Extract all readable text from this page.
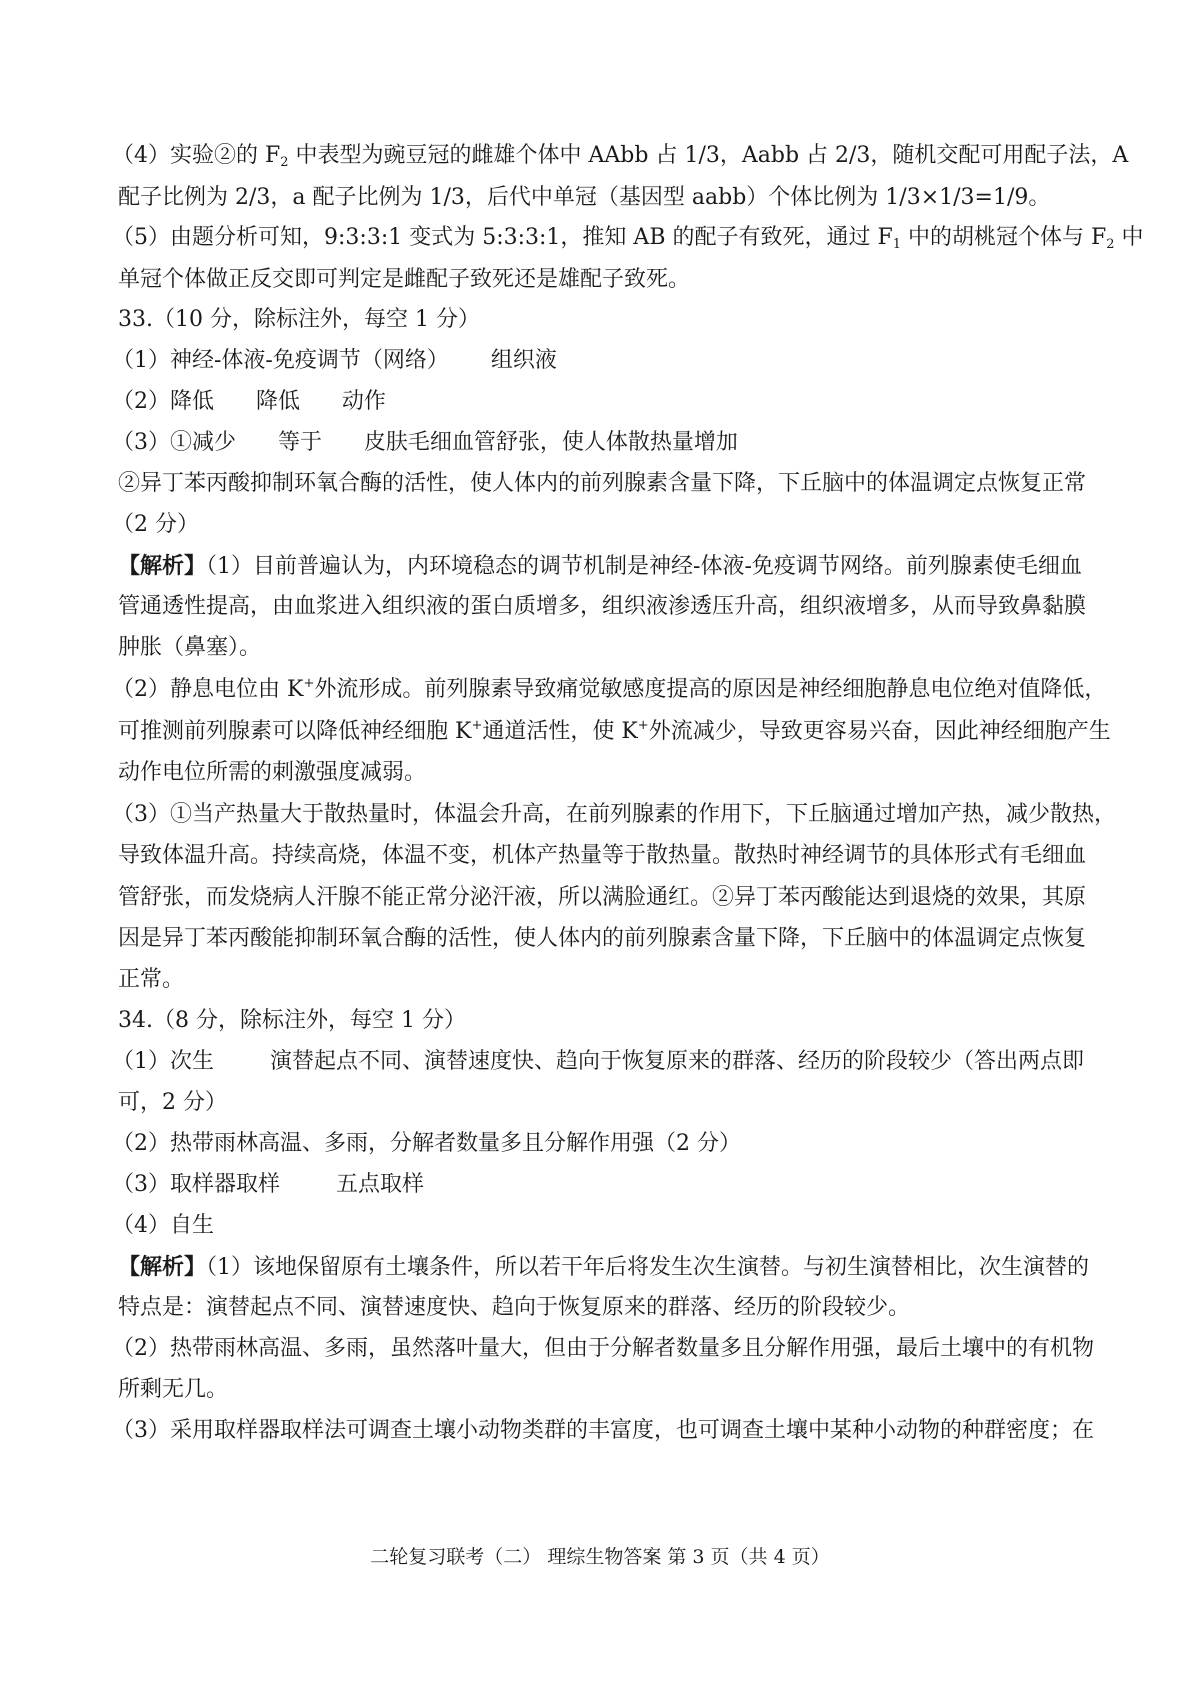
（4）实验②的 $F_2$ 中表型为豌豆冠的雌雄个体中 AAbb 占 1/3，Aabb 占 2/3，随机交配可用配子法，A
配子比例为 2/3，a 配子比例为 1/3，后代中单冠（基因型 aabb）个体比例为 1/3×1/3=1/9。
（5）由题分析可知，9:3:3:1 变式为 5:3:3:1，推知 AB 的配子有致死，通过 $F_1$ 中的胡桃冠个体与 $F_2$ 中
单冠个体做正反交即可判定是雌配子致死还是雄配子致死。
33.（10 分，除标注外，每空 1 分）
（1）神经-体液-免疫调节（网络）      组织液
（2）降低      降低      动作
（3）①减少      等于      皮肤毛细血管舒张，使人体散热量增加
②异丁苯丙酸抑制环氧合酶的活性，使人体内的前列腺素含量下降，下丘脑中的体温调定点恢复正常
（2 分）
【解析】（1）目前普遍认为，内环境稳态的调节机制是神经-体液-免疫调节网络。前列腺素使毛细血
管通透性提高，由血浆进入组织液的蛋白质增多，组织液渗透压升高，组织液增多，从而导致鼻黏膜
肿胀（鼻塞）。
（2）静息电位由 K+外流形成。前列腺素导致痛觉敏感度提高的原因是神经细胞静息电位绝对值降低，
可推测前列腺素可以降低神经细胞 K+通道活性，使 K+外流减少，导致更容易兴奋，因此神经细胞产生
动作电位所需的刺激强度减弱。
（3）①当产热量大于散热量时，体温会升高，在前列腺素的作用下，下丘脑通过增加产热，减少散热，
导致体温升高。持续高烧，体温不变，机体产热量等于散热量。散热时神经调节的具体形式有毛细血
管舒张，而发烧病人汗腺不能正常分泌汗液，所以满脸通红。②异丁苯丙酸能达到退烧的效果，其原
因是异丁苯丙酸能抑制环氧合酶的活性，使人体内的前列腺素含量下降，下丘脑中的体温调定点恢复
正常。
34.（8 分，除标注外，每空 1 分）
（1）次生        演替起点不同、演替速度快、趋向于恢复原来的群落、经历的阶段较少（答出两点即
可，2 分）
（2）热带雨林高温、多雨，分解者数量多且分解作用强（2 分）
（3）取样器取样        五点取样
（4）自生
【解析】（1）该地保留原有土壤条件，所以若干年后将发生次生演替。与初生演替相比，次生演替的
特点是：演替起点不同、演替速度快、趋向于恢复原来的群落、经历的阶段较少。
（2）热带雨林高温、多雨，虽然落叶量大，但由于分解者数量多且分解作用强，最后土壤中的有机物
所剩无几。
（3）采用取样器取样法可调查土壤小动物类群的丰富度，也可调查土壤中某种小动物的种群密度；在
二轮复习联考（二） 理综生物答案 第 3 页（共 4 页）
